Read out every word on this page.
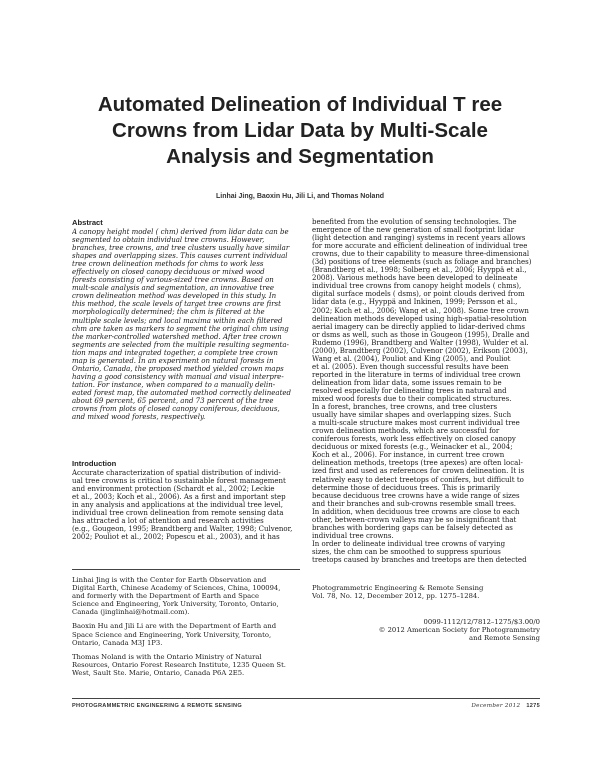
Automated Delineation of Individual T ree
Crowns from Lidar Data by Multi-Scale
Analysis and Segmentation
Linhai Jing, Baoxin Hu, Jili Li, and Thomas Noland
Abstract
A canopy height model ( chm) derived from lidar data can be
segmented to obtain individual tree crowns. However,
branches, tree crowns, and tree clusters usually have similar
shapes and overlapping sizes. This causes current individual
tree crown delineation methods for chms to work less
effectively on closed canopy deciduous or mixed wood
forests consisting of various-sized tree crowns. Based on
mult-scale analysis and segmentation, an innovative tree
crown delineation method was developed in this study. In
this method, the scale levels of target tree crowns are first
morphologically determined; the chm is filtered at the
multiple scale levels; and local maxima within each filtered
chm are taken as markers to segment the original chm using
the marker-controlled watershed method. After tree crown
segments are selected from the multiple resulting segmenta-
tion maps and integrated together, a complete tree crown
map is generated. In an experiment on natural forests in
Ontario, Canada, the proposed method yielded crown maps
having a good consistency with manual and visual interpre-
tation. For instance, when compared to a manually delin-
eated forest map, the automated method correctly delineated
about 69 percent, 65 percent, and 73 percent of the tree
crowns from plots of closed canopy coniferous, deciduous,
and mixed wood forests, respectively.
Introduction
Accurate characterization of spatial distribution of individ-
ual tree crowns is critical to sustainable forest management
and environment protection (Schardt et al., 2002; Leckie
et al., 2003; Koch et al., 2006). As a first and important step
in any analysis and applications at the individual tree level,
individual tree crown delineation from remote sensing data
has attracted a lot of attention and research activities
(e.g., Gougeon, 1995; Brandtberg and Walter, 1998; Culvenor,
2002; Pouliot et al., 2002; Popescu et al., 2003), and it has
Linhai Jing is with the Center for Earth Observation and
Digital Earth, Chinese Academy of Sciences, China, 100094,
and formerly with the Department of Earth and Space
Science and Engineering, York University, Toronto, Ontario,
Canada (jinglinhai@hotmail.com).
Baoxin Hu and Jili Li are with the Department of Earth and
Space Science and Engineering, York University, Toronto,
Ontario, Canada M3J 1P3.
Thomas Noland is with the Ontario Ministry of Natural
Resources, Ontario Forest Research Institute, 1235 Queen St.
West, Sault Ste. Marie, Ontario, Canada P6A 2E5.
benefited from the evolution of sensing technologies. The
emergence of the new generation of small footprint lidar
(light detection and ranging) systems in recent years allows
for more accurate and efficient delineation of individual tree
crowns, due to their capability to measure three-dimensional
(3d) positions of tree elements (such as foliage and branches)
(Brandtberg et al., 1998; Solberg et al., 2006; Hyyppä et al.,
2008). Various methods have been developed to delineate
individual tree crowns from canopy height models ( chms),
digital surface models ( dsms), or point clouds derived from
lidar data (e.g., Hyyppä and Inkinen, 1999; Persson et al.,
2002; Koch et al., 2006; Wang et al., 2008). Some tree crown
delineation methods developed using high-spatial-resolution
aerial imagery can be directly applied to lidar-derived chms
or dsms as well, such as those in Gougeon (1995), Dralle and
Rudemo (1996), Brandtberg and Walter (1998), Wulder et al.
(2000), Brandtberg (2002), Culvenor (2002), Erikson (2003),
Wang et al. (2004), Pouliot and King (2005), and Pouliot
et al. (2005). Even though successful results have been
reported in the literature in terms of individual tree crown
delineation from lidar data, some issues remain to be
resolved especially for delineating trees in natural and
mixed wood forests due to their complicated structures.
In a forest, branches, tree crowns, and tree clusters
usually have similar shapes and overlapping sizes. Such
a multi-scale structure makes most current individual tree
crown delineation methods, which are successful for
coniferous forests, work less effectively on closed canopy
deciduous or mixed forests (e.g., Weinacker et al., 2004;
Koch et al., 2006). For instance, in current tree crown
delineation methods, treetops (tree apexes) are often local-
ized first and used as references for crown delineation. It is
relatively easy to detect treetops of conifers, but difficult to
determine those of deciduous trees. This is primarily
because deciduous tree crowns have a wide range of sizes
and their branches and sub-crowns resemble small trees.
In addition, when deciduous tree crowns are close to each
other, between-crown valleys may be so insignificant that
branches with bordering gaps can be falsely detected as
individual tree crowns.
In order to delineate individual tree crowns of varying
sizes, the chm can be smoothed to suppress spurious
treetops caused by branches and treetops are then detected
Photogrammetric Engineering & Remote Sensing
Vol. 78, No. 12, December 2012, pp. 1275–1284.
0099-1112/12/7812–1275/$3.00/0
© 2012 American Society for Photogrammetry
and Remote Sensing
PHOTOGRAMMETRIC ENGINEERING & REMOTE SENSING	December 2012 1275
